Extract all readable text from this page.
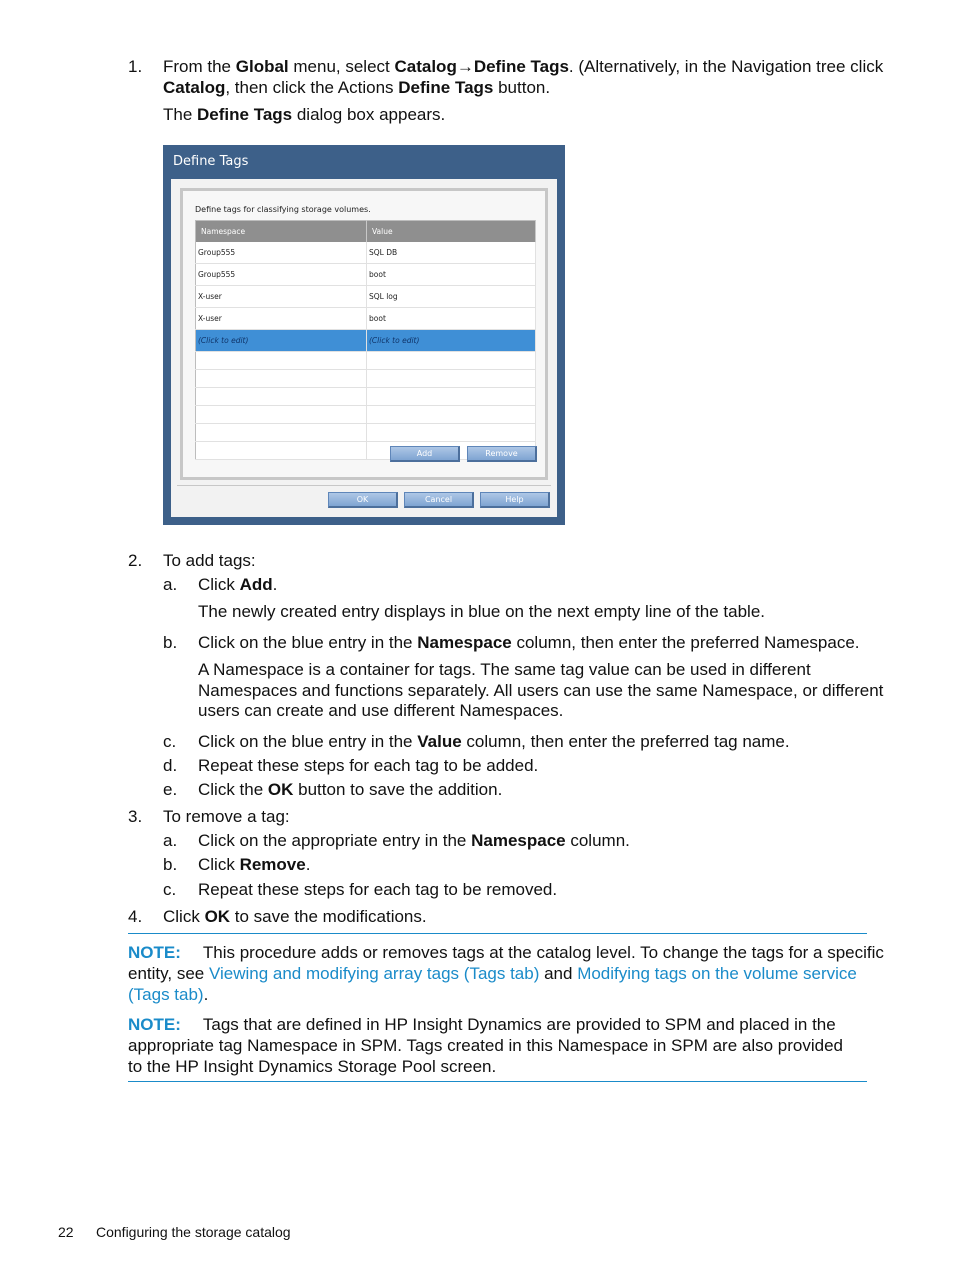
1. From the Global menu, select Catalog→Define Tags. (Alternatively, in the Navigation tree click
Catalog, then click the Actions Define Tags button.
The Define Tags dialog box appears.
Define Tags
Define tags for classifying storage volumes.
Namespace	Value
Group555	SQL DB
Group555	boot
X-user	SQL log
X-user	boot
(Click to edit)	(Click to edit)

Add	Remove
OK	Cancel	Help
2. To add tags:
a. Click Add.
The newly created entry displays in blue on the next empty line of the table.
b. Click on the blue entry in the Namespace column, then enter the preferred Namespace.
A Namespace is a container for tags. The same tag value can be used in different
Namespaces and functions separately. All users can use the same Namespace, or different
users can create and use different Namespaces.
c. Click on the blue entry in the Value column, then enter the preferred tag name.
d. Repeat these steps for each tag to be added.
e. Click the OK button to save the addition.
3. To remove a tag:
a. Click on the appropriate entry in the Namespace column.
b. Click Remove.
c. Repeat these steps for each tag to be removed.
4. Click OK to save the modifications.
NOTE: This procedure adds or removes tags at the catalog level. To change the tags for a specific
entity, see Viewing and modifying array tags (Tags tab) and Modifying tags on the volume service
(Tags tab).
NOTE: Tags that are defined in HP Insight Dynamics are provided to SPM and placed in the
appropriate tag Namespace in SPM. Tags created in this Namespace in SPM are also provided
to the HP Insight Dynamics Storage Pool screen.
22 Configuring the storage catalog
